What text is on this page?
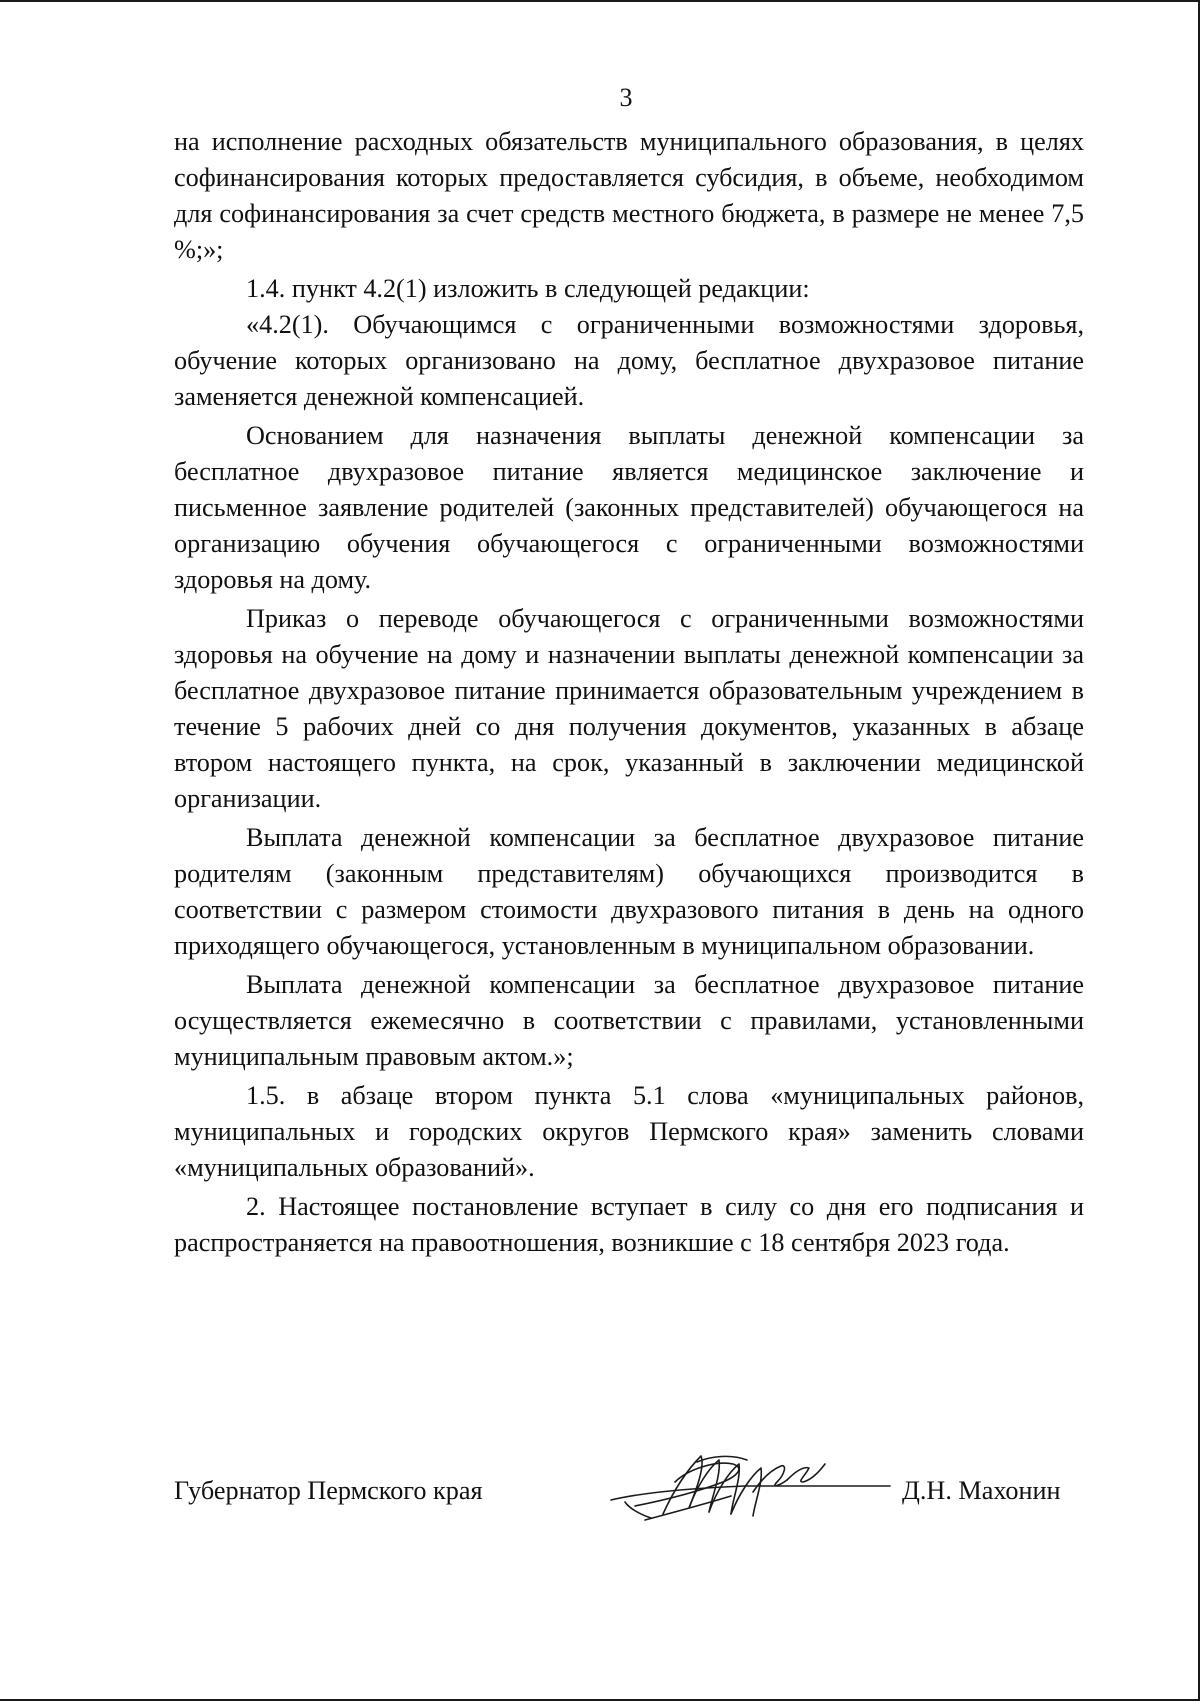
3

на исполнение расходных обязательств муниципального образования, в целях софинансирования которых предоставляется субсидия, в объеме, необходимом для софинансирования за счет средств местного бюджета, в размере не менее 7,5 %;»;

1.4. пункт 4.2(1) изложить в следующей редакции:

«4.2(1). Обучающимся с ограниченными возможностями здоровья, обучение которых организовано на дому, бесплатное двухразовое питание заменяется денежной компенсацией.

Основанием для назначения выплаты денежной компенсации за бесплатное двухразовое питание является медицинское заключение и письменное заявление родителей (законных представителей) обучающегося на организацию обучения обучающегося с ограниченными возможностями здоровья на дому.

Приказ о переводе обучающегося с ограниченными возможностями здоровья на обучение на дому и назначении выплаты денежной компенсации за бесплатное двухразовое питание принимается образовательным учреждением в течение 5 рабочих дней со дня получения документов, указанных в абзаце втором настоящего пункта, на срок, указанный в заключении медицинской организации.

Выплата денежной компенсации за бесплатное двухразовое питание родителям (законным представителям) обучающихся производится в соответствии с размером стоимости двухразового питания в день на одного приходящего обучающегося, установленным в муниципальном образовании.

Выплата денежной компенсации за бесплатное двухразовое питание осуществляется ежемесячно в соответствии с правилами, установленными муниципальным правовым актом.»;

1.5. в абзаце втором пункта 5.1 слова «муниципальных районов, муниципальных и городских округов Пермского края» заменить словами «муниципальных образований».

2. Настоящее постановление вступает в силу со дня его подписания и распространяется на правоотношения, возникшие с 18 сентября 2023 года.

Губернатор Пермского края	Д.Н. Махонин
